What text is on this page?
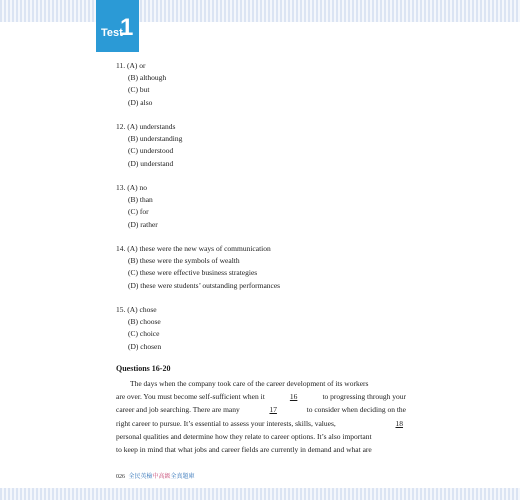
Test
1
11. (A) or
(B) although
(C) but
(D) also
12. (A) understands
(B) understanding
(C) understood
(D) understand
13. (A) no
(B) than
(C) for
(D) rather
14. (A) these were the new ways of communication
(B) these were the symbols of wealth
(C) these were effective business strategies
(D) these were students’ outstanding performances
15. (A) chose
(B) choose
(C) choice
(D) chosen
Questions 16-20
The days when the company took care of the career development of its workers
are over. You must become self-sufficient when it	16	to progressing through your
career and job searching. There are many	17	to consider when deciding on the
right career to pursue. It’s essential to assess your interests, skills, values,	18
personal qualities and determine how they relate to career options. It’s also important
to keep in mind that what jobs and career fields are currently in demand and what are
026 全民英檢中高級全真題庫
